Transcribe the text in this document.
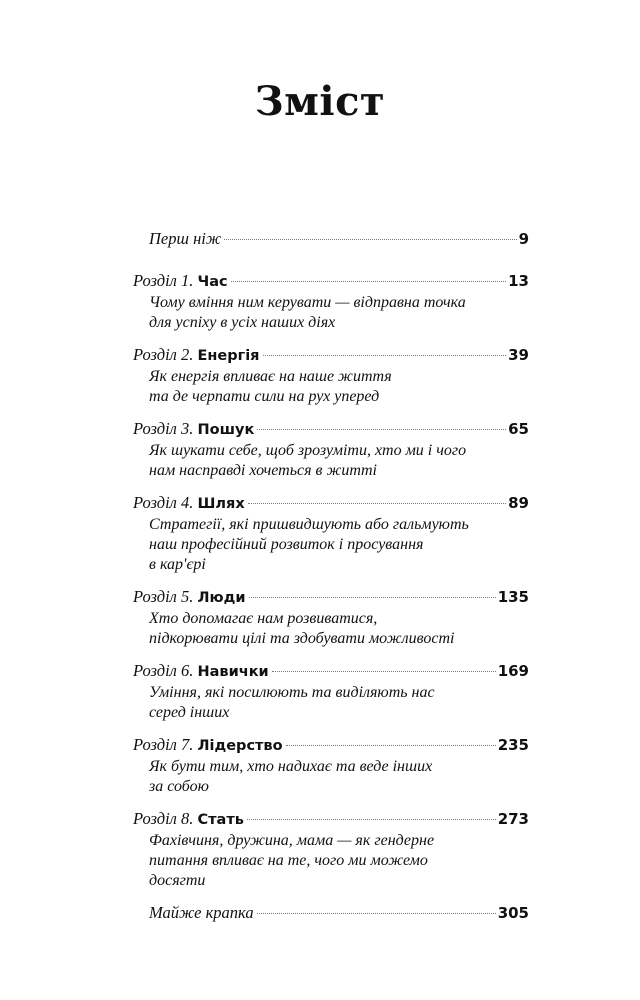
Зміст
Перш ніж	9
Розділ 1. Час	13
Чому вміння ним керувати — відправна точка
для успіху в усіх наших діях
Розділ 2. Енергія	39
Як енергія впливає на наше життя
та де черпати сили на рух уперед
Розділ 3. Пошук	65
Як шукати себе, щоб зрозуміти, хто ми і чого
нам насправді хочеться в житті
Розділ 4. Шлях	89
Стратегії, які пришвидшують або гальмують
наш професійний розвиток і просування
в кар'єрі
Розділ 5. Люди	135
Хто допомагає нам розвиватися,
підкорювати цілі та здобувати можливості
Розділ 6. Навички	169
Уміння, які посилюють та виділяють нас
серед інших
Розділ 7. Лідерство	235
Як бути тим, хто надихає та веде інших
за собою
Розділ 8. Стать	273
Фахівчиня, дружина, мама — як гендерне
питання впливає на те, чого ми можемо
досягти
Майже крапка	305
